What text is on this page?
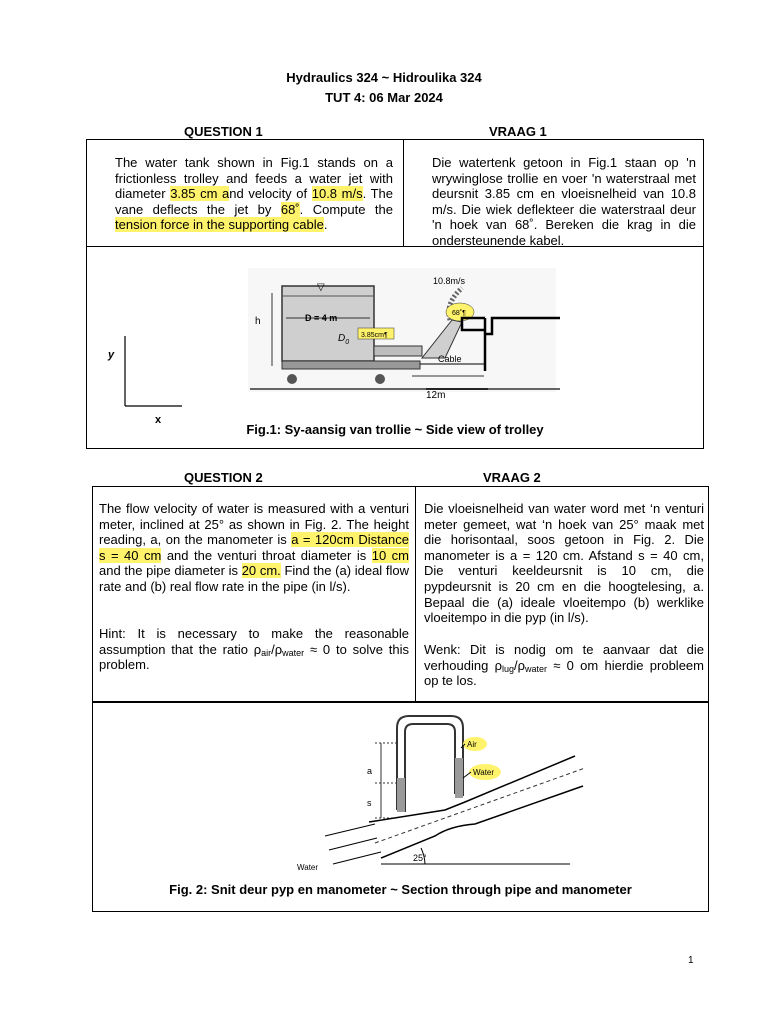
Hydraulics 324 ~ Hidroulika 324
TUT 4: 06 Mar 2024
QUESTION 1	VRAAG 1
The water tank shown in Fig.1 stands on a frictionless trolley and feeds a water jet with diameter 3.85 cm and velocity of 10.8 m/s. The vane deflects the jet by 68˚. Compute the tension force in the supporting cable.
Die watertenk getoon in Fig.1 staan op 'n wrywinglose trollie en voer 'n waterstraal met deursnit 3.85 cm en vloeisnelheid van 10.8 m/s. Die wiek deflekteer die waterstraal deur 'n hoek van 68˚. Bereken die krag in die ondersteunende kabel.
y
x
▽
D = 4 m
h
$D_0$
3.85cm¶
68˚¶
10.8m/s
Cable
12m
Fig.1: Sy-aansig van trollie ~ Side view of trolley
QUESTION 2	VRAAG 2
The flow velocity of water is measured with a venturi meter, inclined at 25° as shown in Fig. 2. The height reading, a, on the manometer is a = 120cm Distance s = 40 cm and the venturi throat diameter is 10 cm and the pipe diameter is 20 cm. Find the (a) ideal flow rate and (b) real flow rate in the pipe (in l/s).
Hint: It is necessary to make the reasonable assumption that the ratio $\rho_{air}/\rho_{water} \approx 0$ to solve this problem.
Die vloeisnelheid van water word met ‘n venturi meter gemeet, wat ‘n hoek van 25° maak met die horisontaal, soos getoon in Fig. 2. Die manometer is a = 120 cm. Afstand s = 40 cm, Die venturi keeldeursnit is 10 cm, die pypdeursnit is 20 cm en die hoogtelesing, a. Bepaal die (a) ideale vloeitempo (b) werklike vloeitempo in die pyp (in l/s).
Wenk: Dit is nodig om te aanvaar dat die verhouding $\rho_{lug}/\rho_{water} \approx 0$ om hierdie probleem op te los.
a
s
Water
25°
Air
Water
Fig. 2: Snit deur pyp en manometer ~ Section through pipe and manometer
1
